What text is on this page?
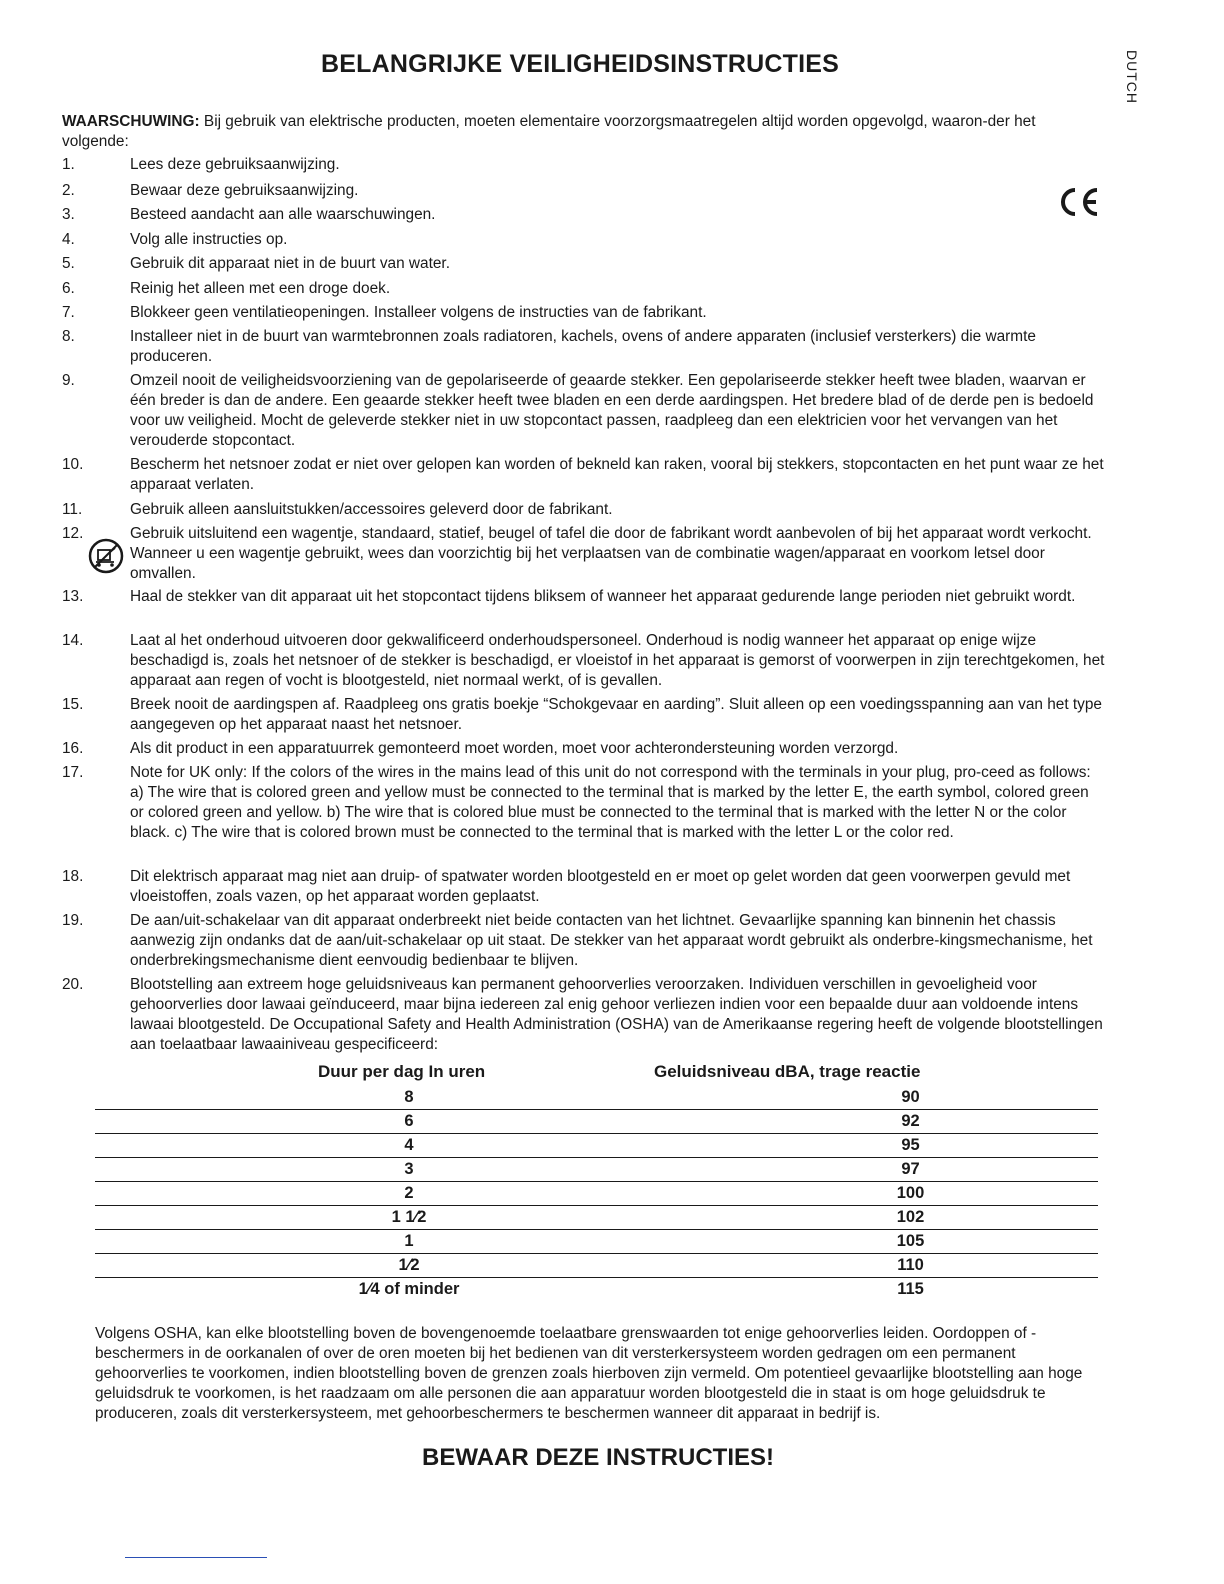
BELANGRIJKE VEILIGHEIDSINSTRUCTIES	DUTCH

WAARSCHUWING: Bij gebruik van elektrische producten, moeten elementaire voorzorgsmaatregelen altijd worden opgevolgd, waaron-der het volgende:

1.	Lees deze gebruiksaanwijzing.
2.	Bewaar deze gebruiksaanwijzing.
3.	Besteed aandacht aan alle waarschuwingen.
4.	Volg alle instructies op.
5.	Gebruik dit apparaat niet in de buurt van water.
6.	Reinig het alleen met een droge doek.
7.	Blokkeer geen ventilatieopeningen. Installeer volgens de instructies van de fabrikant.
8.	Installeer niet in de buurt van warmtebronnen zoals radiatoren, kachels, ovens of andere apparaten (inclusief versterkers) die warmte produceren.
9.	Omzeil nooit de veiligheidsvoorziening van de gepolariseerde of geaarde stekker. Een gepolariseerde stekker heeft twee bladen, waarvan er één breder is dan de andere. Een geaarde stekker heeft twee bladen en een derde aardingspen. Het bredere blad of de derde pen is bedoeld voor uw veiligheid. Mocht de geleverde stekker niet in uw stopcontact passen, raadpleeg dan een elektricien voor het vervangen van het verouderde stopcontact.
10.	Bescherm het netsnoer zodat er niet over gelopen kan worden of bekneld kan raken, vooral bij stekkers, stopcontacten en het punt waar ze het apparaat verlaten.
11.	Gebruik alleen aansluitstukken/accessoires geleverd door de fabrikant.
12.	Gebruik uitsluitend een wagentje, standaard, statief, beugel of tafel die door de fabrikant wordt aanbevolen of bij het apparaat wordt verkocht. Wanneer u een wagentje gebruikt, wees dan voorzichtig bij het verplaatsen van de combinatie wagen/apparaat en voorkom letsel door omvallen.
13.	Haal de stekker van dit apparaat uit het stopcontact tijdens bliksem of wanneer het apparaat gedurende lange perioden niet gebruikt wordt.
14.	Laat al het onderhoud uitvoeren door gekwalificeerd onderhoudspersoneel. Onderhoud is nodig wanneer het apparaat op enige wijze beschadigd is, zoals het netsnoer of de stekker is beschadigd, er vloeistof in het apparaat is gemorst of voorwerpen in zijn terechtgekomen, het apparaat aan regen of vocht is blootgesteld, niet normaal werkt, of is gevallen.
15.	Breek nooit de aardingspen af. Raadpleeg ons gratis boekje “Schokgevaar en aarding”. Sluit alleen op een voedingsspanning aan van het type aangegeven op het apparaat naast het netsnoer.
16.	Als dit product in een apparatuurrek gemonteerd moet worden, moet voor achterondersteuning worden verzorgd.
17.	Note for UK only: If the colors of the wires in the mains lead of this unit do not correspond with the terminals in your plug, pro-ceed as follows: a) The wire that is colored green and yellow must be connected to the terminal that is marked by the letter E, the earth symbol, colored green or colored green and yellow. b) The wire that is colored blue must be connected to the terminal that is marked with the letter N or the color black. c) The wire that is colored brown must be connected to the terminal that is marked with the letter L or the color red.
18.	Dit elektrisch apparaat mag niet aan druip- of spatwater worden blootgesteld en er moet op gelet worden dat geen voorwerpen gevuld met vloeistoffen, zoals vazen, op het apparaat worden geplaatst.
19.	De aan/uit-schakelaar van dit apparaat onderbreekt niet beide contacten van het lichtnet. Gevaarlijke spanning kan binnenin het chassis aanwezig zijn ondanks dat de aan/uit-schakelaar op uit staat. De stekker van het apparaat wordt gebruikt als onderbre-kingsmechanisme, het onderbrekingsmechanisme dient eenvoudig bedienbaar te blijven.
20.	Blootstelling aan extreem hoge geluidsniveaus kan permanent gehoorverlies veroorzaken. Individuen verschillen in gevoeligheid voor gehoorverlies door lawaai geïnduceerd, maar bijna iedereen zal enig gehoor verliezen indien voor een bepaalde duur aan voldoende intens lawaai blootgesteld. De Occupational Safety and Health Administration (OSHA) van de Amerikaanse regering heeft de volgende blootstellingen aan toelaatbaar lawaainiveau gespecificeerd:
Duur per dag In uren	Geluidsniveau dBA, trage reactie
8	90
6	92
4	95
3	97
2	100
1 1⁄2	102
1	105
1⁄2	110
1⁄4 of minder	115

Volgens OSHA, kan elke blootstelling boven de bovengenoemde toelaatbare grenswaarden tot enige gehoorverlies leiden. Oordoppen of -beschermers in de oorkanalen of over de oren moeten bij het bedienen van dit versterkersysteem worden gedragen om een permanent gehoorverlies te voorkomen, indien blootstelling boven de grenzen zoals hierboven zijn vermeld. Om potentieel gevaarlijke blootstelling aan hoge geluidsdruk te voorkomen, is het raadzaam om alle personen die aan apparatuur worden blootgesteld die in staat is om hoge geluidsdruk te produceren, zoals dit versterkersysteem, met gehoorbeschermers te beschermen wanneer dit apparaat in bedrijf is.

BEWAAR DEZE INSTRUCTIES!
